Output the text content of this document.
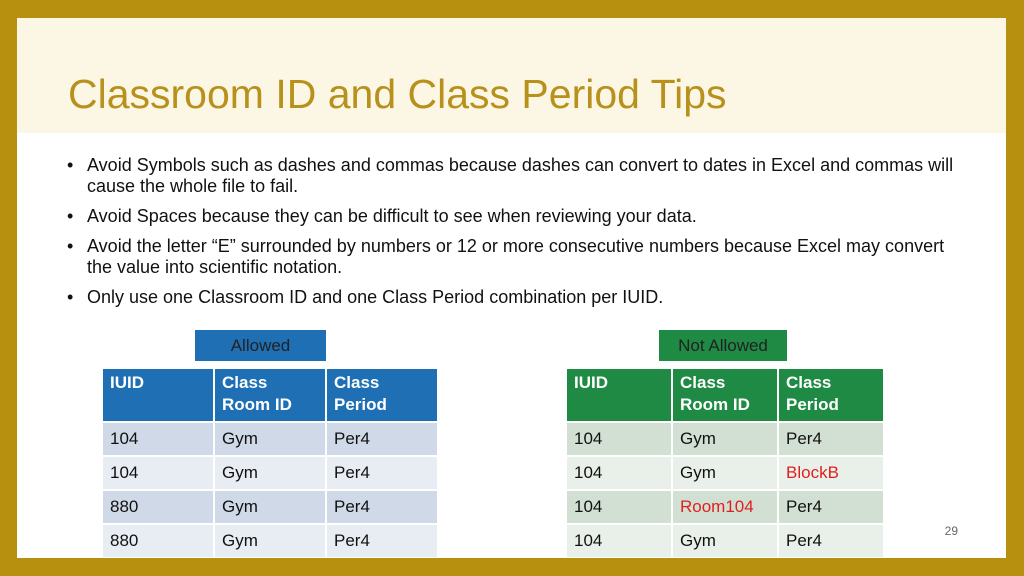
Classroom ID and Class Period Tips
• Avoid Symbols such as dashes and commas because dashes can convert to dates in Excel and commas will cause the whole file to fail.
• Avoid Spaces because they can be difficult to see when reviewing your data.
• Avoid the letter “E” surrounded by numbers or 12 or more consecutive numbers because Excel may convert the value into scientific notation.
• Only use one Classroom ID and one Class Period combination per IUID.
Allowed	Not Allowed
IUID	Class Room ID	Class Period
104	Gym	Per4
104	Gym	Per4
880	Gym	Per4
880	Gym	Per4
IUID	Class Room ID	Class Period
104	Gym	Per4
104	Gym	BlockB
104	Room104	Per4
104	Gym	Per4	29
